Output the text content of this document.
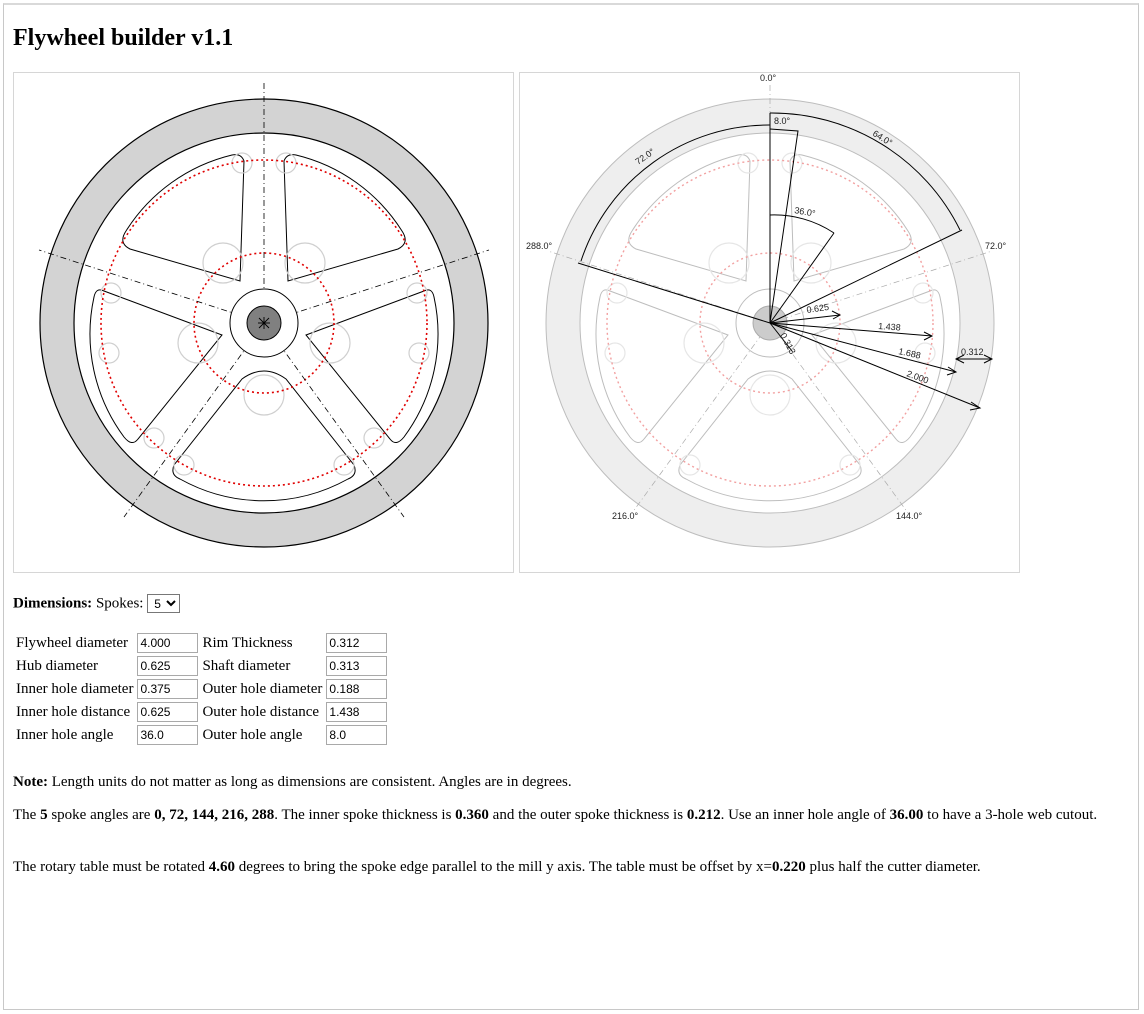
Flywheel builder v1.1
0.0°
288.0°	72.0°
216.0°	144.0°
72.0°
64.0°
8.0°
36.0°
0.625
1.438
1.688
2.000
0.312
0.313
Dimensions: Spokes:
5
Flywheel diameter	4.000	Rim Thickness	0.312
Hub diameter	0.625	Shaft diameter	0.313
Inner hole diameter	0.375	Outer hole diameter	0.188
Inner hole distance	0.625	Outer hole distance	1.438
Inner hole angle	36.0	Outer hole angle	8.0

Note: Length units do not matter as long as dimensions are consistent. Angles are in degrees.

The 5 spoke angles are 0, 72, 144, 216, 288. The inner spoke thickness is 0.360 and the outer spoke thickness is 0.212. Use an inner hole angle of 36.00 to have a 3-hole web cutout.

The rotary table must be rotated 4.60 degrees to bring the spoke edge parallel to the mill y axis. The table must be offset by x=0.220 plus half the cutter diameter.
